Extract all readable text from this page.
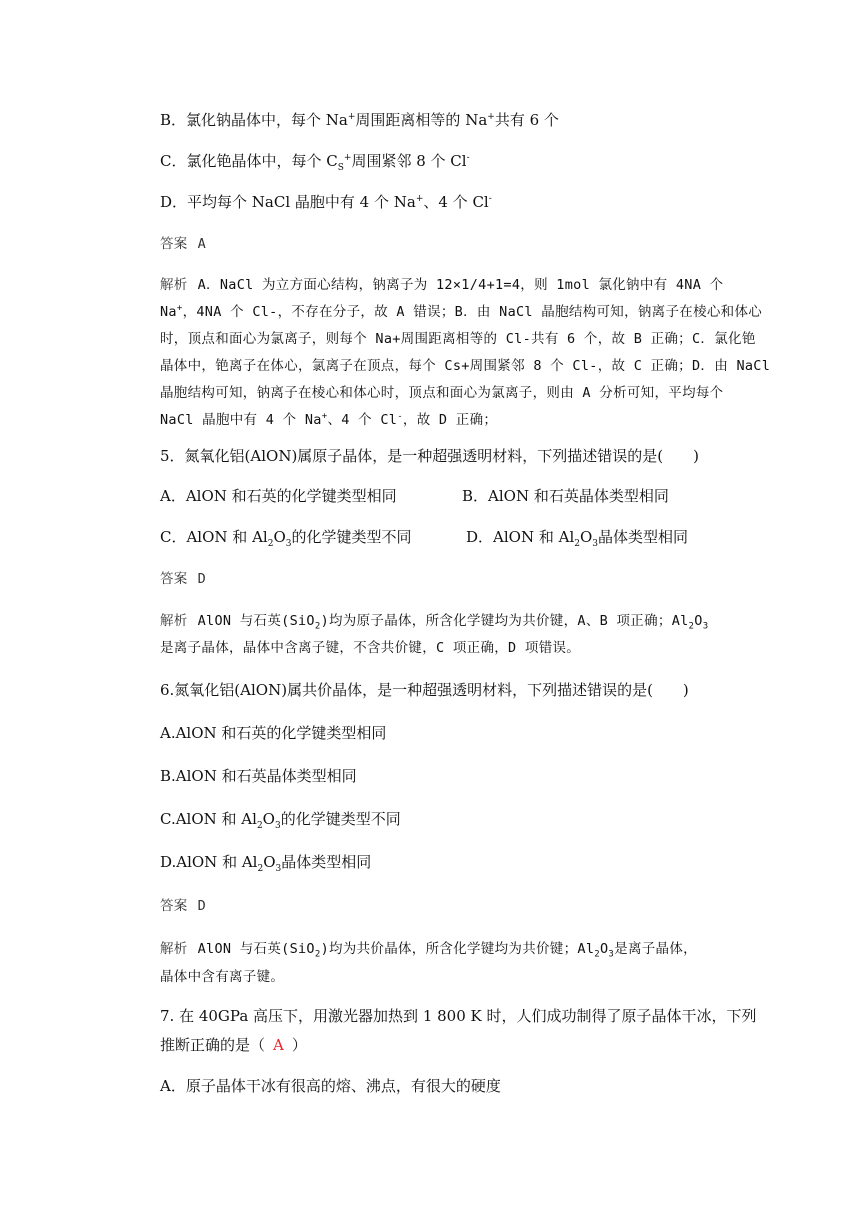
B．氯化钠晶体中，每个 Na+周围距离相等的 Na+共有 6 个

C．氯化铯晶体中，每个 $C_S^+$周围紧邻 8 个 Cl-

D．平均每个 NaCl 晶胞中有 4 个 Na+、4 个 Cl-

答案 A

解析 A．NaCl 为立方面心结构，钠离子为 12×1/4+1=4，则 1mol 氯化钠中有 4NA 个

Na+，4NA 个 Cl-，不存在分子，故 A 错误；B．由 NaCl 晶胞结构可知，钠离子在棱心和体心

时，顶点和面心为氯离子，则每个 Na+周围距离相等的 Cl-共有 6 个，故 B 正确；C．氯化铯

晶体中，铯离子在体心，氯离子在顶点，每个 Cs+周围紧邻 8 个 Cl-，故 C 正确；D．由 NaCl

晶胞结构可知，钠离子在棱心和体心时，顶点和面心为氯离子，则由 A 分析可知，平均每个

NaCl 晶胞中有 4 个 Na+、4 个 Cl-，故 D 正确；

5．氮氧化铝(AlON)属原子晶体，是一种超强透明材料，下列描述错误的是(　　)

A．AlON 和石英的化学键类型相同	B．AlON 和石英晶体类型相同

C．AlON 和 $Al_2O_3$的化学键类型不同	D．AlON 和 $Al_2O_3$晶体类型相同

答案 D

解析 AlON 与石英(SiO$_2$)均为原子晶体，所含化学键均为共价键，A、B 项正确；$Al_2O_3$

是离子晶体，晶体中含离子键，不含共价键，C 项正确，D 项错误。

6.氮氧化铝(AlON)属共价晶体，是一种超强透明材料，下列描述错误的是(　　)

A.AlON 和石英的化学键类型相同

B.AlON 和石英晶体类型相同

C.AlON 和 $Al_2O_3$的化学键类型不同

D.AlON 和 $Al_2O_3$晶体类型相同

答案 D

解析 AlON 与石英(SiO$_2$)均为共价晶体，所含化学键均为共价键；$Al_2O_3$是离子晶体，

晶体中含有离子键。

7. 在 40GPa 高压下，用激光器加热到 1 800 K 时，人们成功制得了原子晶体干冰，下列

推断正确的是（ A ）

A．原子晶体干冰有很高的熔、沸点，有很大的硬度
